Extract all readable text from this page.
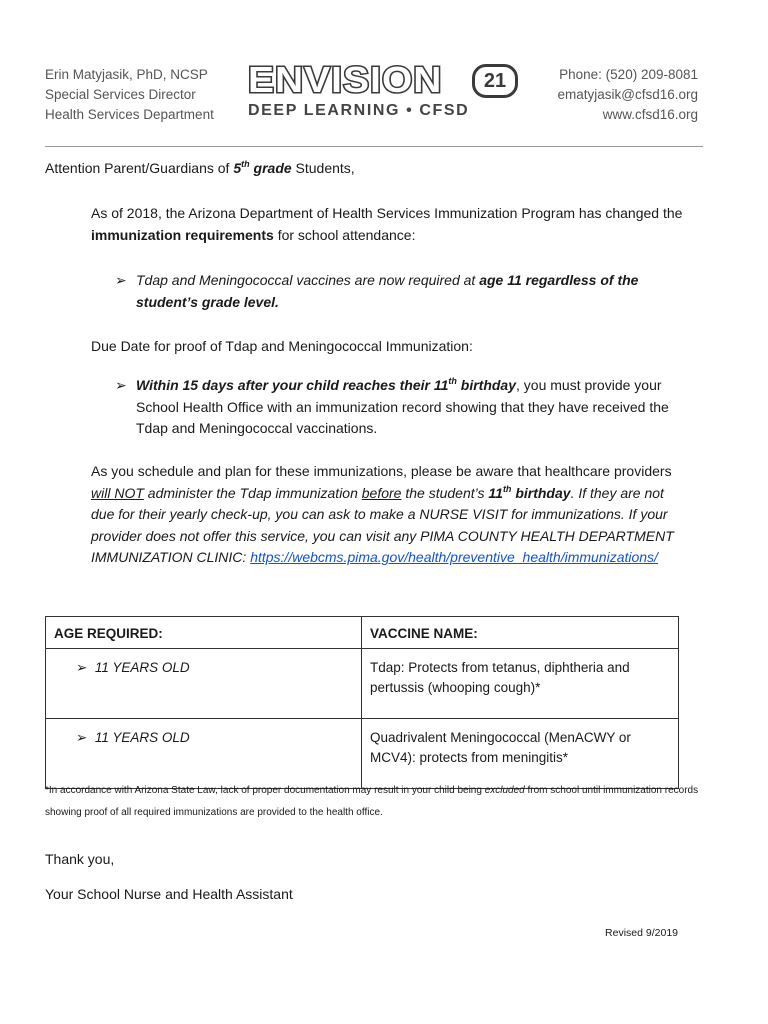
Erin Matyjasik, PhD, NCSP
Special Services Director
Health Services Department
ENVISION	21
DEEP LEARNING • CFSD
Phone: (520) 209-8081
ematyjasik@cfsd16.org
www.cfsd16.org
Attention Parent/Guardians of 5th grade Students,
As of 2018, the Arizona Department of Health Services Immunization Program has changed the immunization requirements for school attendance:
➢ Tdap and Meningococcal vaccines are now required at age 11 regardless of the student’s grade level.
Due Date for proof of Tdap and Meningococcal Immunization:
➢ Within 15 days after your child reaches their 11th birthday, you must provide your School Health Office with an immunization record showing that they have received the Tdap and Meningococcal vaccinations.
As you schedule and plan for these immunizations, please be aware that healthcare providers will NOT administer the Tdap immunization before the student’s 11th birthday. If they are not due for their yearly check-up, you can ask to make a NURSE VISIT for immunizations. If your provider does not offer this service, you can visit any PIMA COUNTY HEALTH DEPARTMENT IMMUNIZATION CLINIC: https://webcms.pima.gov/health/preventive_health/immunizations/
AGE REQUIRED:	VACCINE NAME:
➢ 11 YEARS OLD	Tdap: Protects from tetanus, diphtheria and pertussis (whooping cough)*
➢ 11 YEARS OLD	Quadrivalent Meningococcal (MenACWY or MCV4): protects from meningitis*
*In accordance with Arizona State Law, lack of proper documentation may result in your child being excluded from school until immunization records showing proof of all required immunizations are provided to the health office.
Thank you,
Your School Nurse and Health Assistant
Revised 9/2019
